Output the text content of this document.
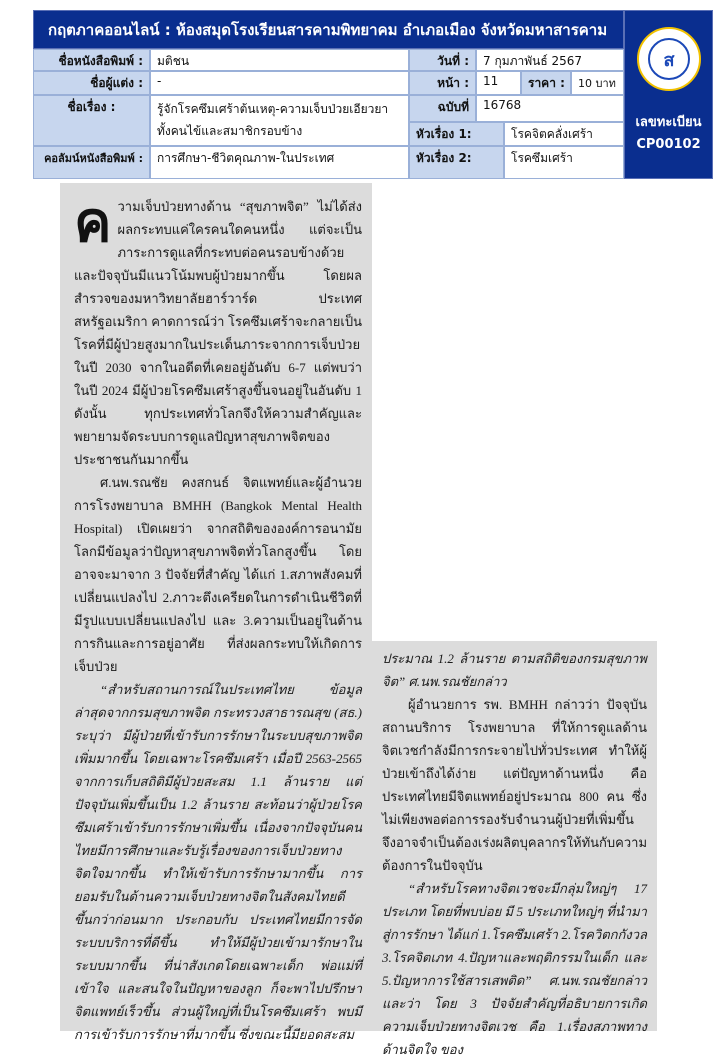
กฤตภาคออนไลน์ : ห้องสมุดโรงเรียนสารคามพิทยาคม อำเภอเมือง จังหวัดมหาสารคาม
ส
เลขทะเบียน
CP00102
ชื่อหนังสือพิมพ์ :	มติชน	วันที่ :	7 กุมภาพันธ์ 2567
ชื่อผู้แต่ง :	-	หน้า :	11	ราคา :	10 บาท
ชื่อเรื่อง :	รู้จักโรคซึมเศร้าต้นเหตุ-ความเจ็บป่วยเอียวยาทั้งคนไข้และสมาชิกรอบข้าง
ฉบับที่	16768
หัวเรื่อง 1:	โรคจิตคลั่งเศร้า
คอลัมน์หนังสือพิมพ์ :	การศึกษา-ชีวิตคุณภาพ-ในประเทศ	หัวเรื่อง 2:	โรคซึมเศร้า
ค วามเจ็บป่วยทางด้าน “สุขภาพจิต” ไม่ได้ส่งผลกระทบแค่ใครคนใดคนหนึ่ง แต่จะเป็นภาระการดูแลที่กระทบต่อคนรอบข้างด้วย และปัจจุบันมีแนวโน้มพบผู้ป่วยมากขึ้น โดยผลสำรวจของมหาวิทยาลัยฮาร์วาร์ด ประเทศสหรัฐอเมริกา คาดการณ์ว่า โรคซึมเศร้าจะกลายเป็นโรคที่มีผู้ป่วยสูงมากในประเด็นภาระจากการเจ็บป่วย ในปี 2030 จากในอดีตที่เคยอยู่อันดับ 6-7 แต่พบว่า ในปี 2024 มีผู้ป่วยโรคซึมเศร้าสูงขึ้นจนอยู่ในอันดับ 1 ดังนั้น ทุกประเทศทั่วโลกจึงให้ความสำคัญและพยายามจัดระบบการดูแลปัญหาสุขภาพจิตของประชาชนกันมากขึ้น

ศ.นพ.รณชัย คงสกนธ์ จิตแพทย์และผู้อำนวยการโรงพยาบาล BMHH (Bangkok Mental Health Hospital) เปิดเผยว่า จากสถิติขององค์การอนามัยโลกมีข้อมูลว่าปัญหาสุขภาพจิตทั่วโลกสูงขึ้น โดยอาจจะมาจาก 3 ปัจจัยที่สำคัญ ได้แก่ 1.สภาพสังคมที่เปลี่ยนแปลงไป 2.ภาวะตึงเครียดในการดำเนินชีวิตที่มีรูปแบบเปลี่ยนแปลงไป และ 3.ความเป็นอยู่ในด้านการกินและการอยู่อาศัย ที่ส่งผลกระทบให้เกิดการเจ็บป่วย

“สำหรับสถานการณ์ในประเทศไทย ข้อมูลล่าสุดจากกรมสุขภาพจิต กระทรวงสาธารณสุข (สธ.) ระบุว่า มีผู้ป่วยที่เข้ารับการรักษาในระบบสุขภาพจิตเพิ่มมากขึ้น โดยเฉพาะโรคซึมเศร้า เมื่อปี 2563-2565 จากการเก็บสถิติมีผู้ป่วยสะสม 1.1 ล้านราย แต่ปัจจุบันเพิ่มขึ้นเป็น 1.2 ล้านราย สะท้อนว่าผู้ป่วยโรคซึมเศร้าเข้ารับการรักษาเพิ่มขึ้น เนื่องจากปัจจุบันคนไทยมีการศึกษาและรับรู้เรื่องของการเจ็บป่วยทางจิตใจมากขึ้น ทำให้เข้ารับการรักษามากขึ้น การยอมรับในด้านความเจ็บป่วยทางจิตในสังคมไทยดีขึ้นกว่าก่อนมาก ประกอบกับ ประเทศไทยมีการจัดระบบบริการที่ดีขึ้น ทำให้มีผู้ป่วยเข้ามารักษาในระบบมากขึ้น ที่น่าสังเกตโดยเฉพาะเด็ก พ่อแม่ที่เข้าใจ และสนใจในปัญหาของลูก ก็จะพาไปปรึกษาจิตแพทย์เร็วขึ้น ส่วนผู้ใหญ่ที่เป็นโรคซึมเศร้า พบมีการเข้ารับการรักษาที่มากขึ้น ซึ่งขณะนี้มียอดสะสม

ประมาณ 1.2 ล้านราย ตามสถิติของกรมสุขภาพจิต” ศ.นพ.รณชัยกล่าว

ผู้อำนวยการ รพ. BMHH กล่าวว่า ปัจจุบัน สถานบริการ โรงพยาบาล ที่ให้การดูแลด้านจิตเวชกำลังมีการกระจายไปทั่วประเทศ ทำให้ผู้ป่วยเข้าถึงได้ง่าย แต่ปัญหาด้านหนึ่ง คือ ประเทศไทยมีจิตแพทย์อยู่ประมาณ 800 คน ซึ่งไม่เพียงพอต่อการรองรับจำนวนผู้ป่วยที่เพิ่มขึ้น จึงอาจจำเป็นต้องเร่งผลิตบุคลากรให้ทันกับความต้องการในปัจจุบัน

“สำหรับโรคทางจิตเวชจะมีกลุ่มใหญ่ๆ 17 ประเภท โดยที่พบบ่อย มี 5 ประเภทใหญ่ๆ ที่นำมาสู่การรักษา ได้แก่ 1.โรคซึมเศร้า 2.โรควิตกกังวล 3.โรคจิตเภท 4.ปัญหาและพฤติกรรมในเด็ก และ 5.ปัญหาการใช้สารเสพติด” ศ.นพ.รณชัยกล่าว และว่า โดย 3 ปัจจัยสำคัญที่อธิบายการเกิดความเจ็บป่วยทางจิตเวช คือ 1.เรื่องสภาพทางด้านจิตใจ ของ
